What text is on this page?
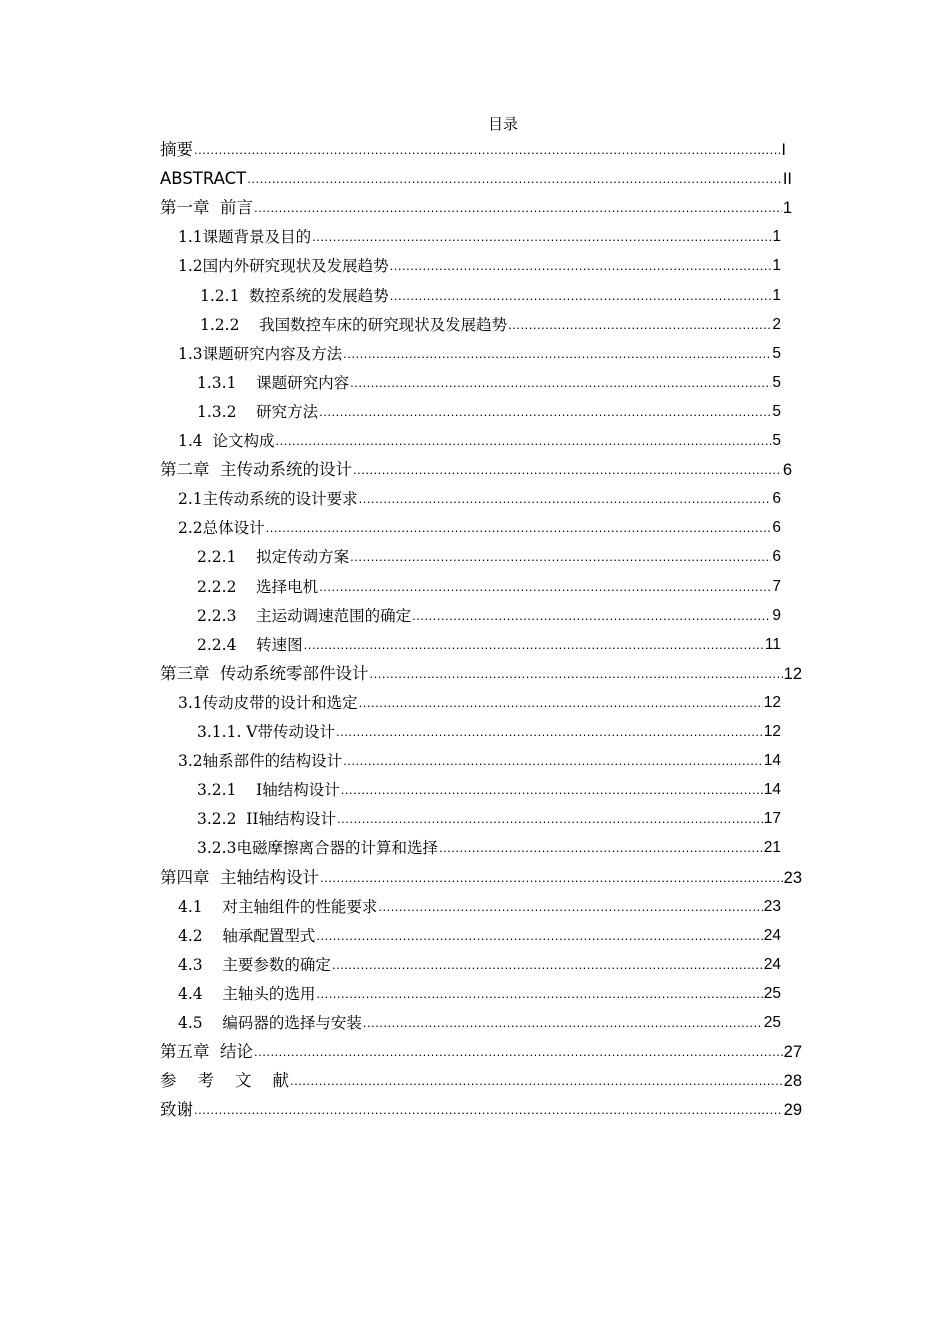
目录
摘要 .....	I
ABSTRACT .....	II
第一章  前言 .....	1
1.1课题背景及目的 .....	1
1.2国内外研究现状及发展趋势 .....	1
1.2.1  数控系统的发展趋势 .....	1
1.2.2    我国数控车床的研究现状及发展趋势 .....	2
1.3课题研究内容及方法 .....	5
1.3.1    课题研究内容 .....	5
1.3.2    研究方法 .....	5
1.4  论文构成 .....	5
第二章  主传动系统的设计 .....	6
2.1主传动系统的设计要求 .....	6
2.2总体设计 .....	6
2.2.1    拟定传动方案 .....	6
2.2.2    选择电机 .....	7
2.2.3    主运动调速范围的确定 .....	9
2.2.4    转速图 .....	11
第三章  传动系统零部件设计 .....	12
3.1传动皮带的设计和选定 .....	12
3.1.1. V带传动设计 .....	12
3.2轴系部件的结构设计 .....	14
3.2.1    I轴结构设计 .....	14
3.2.2  II轴结构设计 .....	17
3.2.3电磁摩擦离合器的计算和选择 .....	21
第四章  主轴结构设计 .....	23
4.1    对主轴组件的性能要求 .....	23
4.2    轴承配置型式 .....	24
4.3    主要参数的确定 .....	24
4.4    主轴头的选用 .....	25
4.5    编码器的选择与安装 .....	25
第五章  结论 .....	27
参    考    文    献 .....	28
致谢 .....	29
